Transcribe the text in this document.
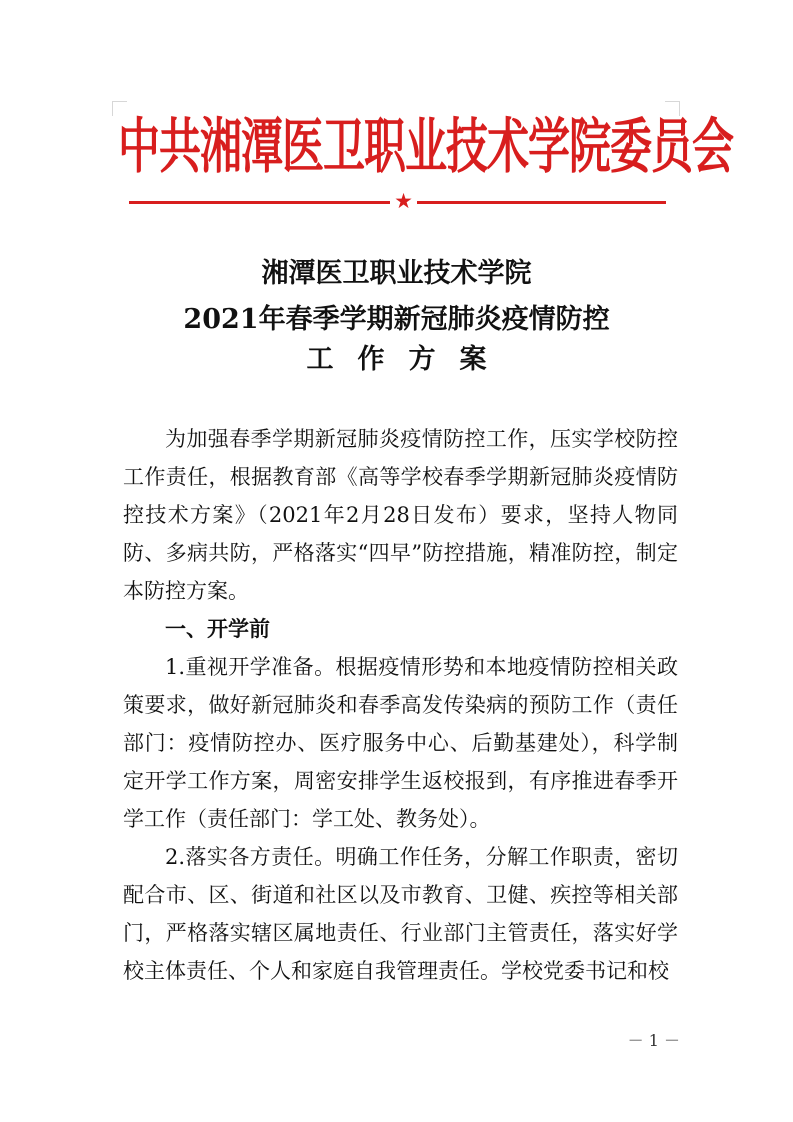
中共湘潭医卫职业技术学院委员会
★
湘潭医卫职业技术学院
2021年春季学期新冠肺炎疫情防控
工作方案

为加强春季学期新冠肺炎疫情防控工作，压实学校防控工作责任，根据教育部《高等学校春季学期新冠肺炎疫情防控技术方案》（2021年2月28日发布）要求，坚持人物同防、多病共防，严格落实“四早”防控措施，精准防控，制定本防控方案。

一、开学前

1.重视开学准备。根据疫情形势和本地疫情防控相关政策要求，做好新冠肺炎和春季高发传染病的预防工作（责任部门：疫情防控办、医疗服务中心、后勤基建处），科学制定开学工作方案，周密安排学生返校报到，有序推进春季开学工作（责任部门：学工处、教务处）。

2.落实各方责任。明确工作任务，分解工作职责，密切配合市、区、街道和社区以及市教育、卫健、疾控等相关部门，严格落实辖区属地责任、行业部门主管责任，落实好学校主体责任、个人和家庭自我管理责任。学校党委书记和校

－ 1 －
